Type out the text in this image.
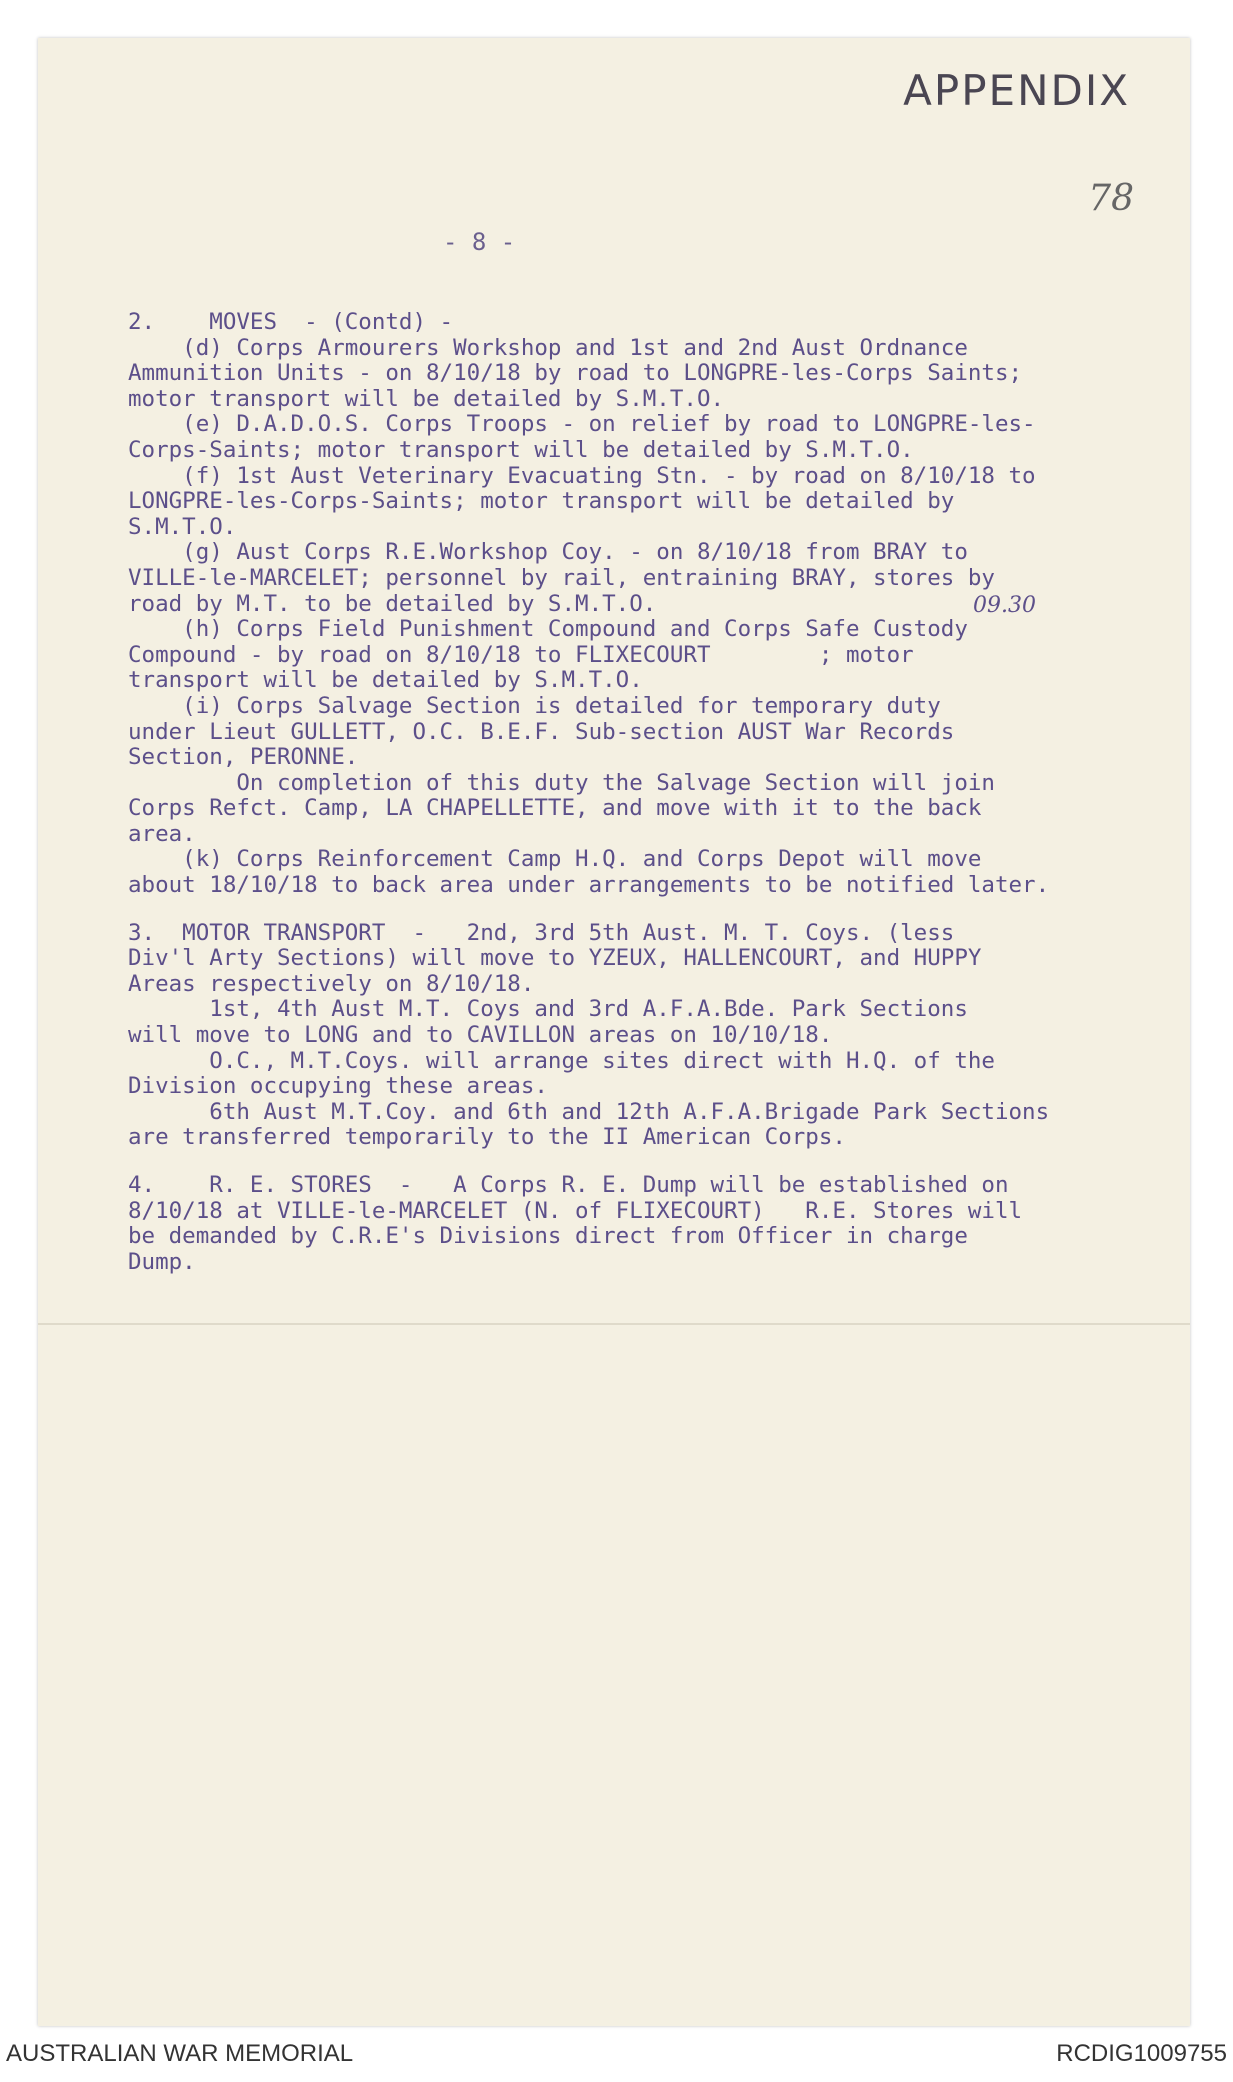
APPENDIX
78
- 8 -
2.    MOVES  - (Contd) -
(d) Corps Armourers Workshop and 1st and 2nd Aust Ordnance
Ammunition Units - on 8/10/18 by road to LONGPRE-les-Corps Saints;
motor transport will be detailed by S.M.T.O.
(e) D.A.D.O.S. Corps Troops - on relief by road to LONGPRE-les-
Corps-Saints; motor transport will be detailed by S.M.T.O.
(f) 1st Aust Veterinary Evacuating Stn. - by road on 8/10/18 to
LONGPRE-les-Corps-Saints; motor transport will be detailed by
S.M.T.O.
(g) Aust Corps R.E.Workshop Coy. - on 8/10/18 from BRAY to
VILLE-le-MARCELET; personnel by rail, entraining BRAY, stores by
road by M.T. to be detailed by S.M.T.O.
(h) Corps Field Punishment Compound and Corps Safe Custody
Compound - by road on 8/10/18 to FLIXECOURT        ; motor
transport will be detailed by S.M.T.O.
(i) Corps Salvage Section is detailed for temporary duty
under Lieut GULLETT, O.C. B.E.F. Sub-section AUST War Records
Section, PERONNE.
On completion of this duty the Salvage Section will join
Corps Refct. Camp, LA CHAPELLETTE, and move with it to the back
area.
(k) Corps Reinforcement Camp H.Q. and Corps Depot will move
about 18/10/18 to back area under arrangements to be notified later.
3.  MOTOR TRANSPORT  -   2nd, 3rd 5th Aust. M. T. Coys. (less
Div'l Arty Sections) will move to YZEUX, HALLENCOURT, and HUPPY
Areas respectively on 8/10/18.
1st, 4th Aust M.T. Coys and 3rd A.F.A.Bde. Park Sections
will move to LONG and to CAVILLON areas on 10/10/18.
O.C., M.T.Coys. will arrange sites direct with H.Q. of the
Division occupying these areas.
6th Aust M.T.Coy. and 6th and 12th A.F.A.Brigade Park Sections
are transferred temporarily to the II American Corps.
4.    R. E. STORES  -   A Corps R. E. Dump will be established on
8/10/18 at VILLE-le-MARCELET (N. of FLIXECOURT)   R.E. Stores will
be demanded by C.R.E's Divisions direct from Officer in charge
Dump.
09.30
AUSTRALIAN WAR MEMORIAL	RCDIG1009755
